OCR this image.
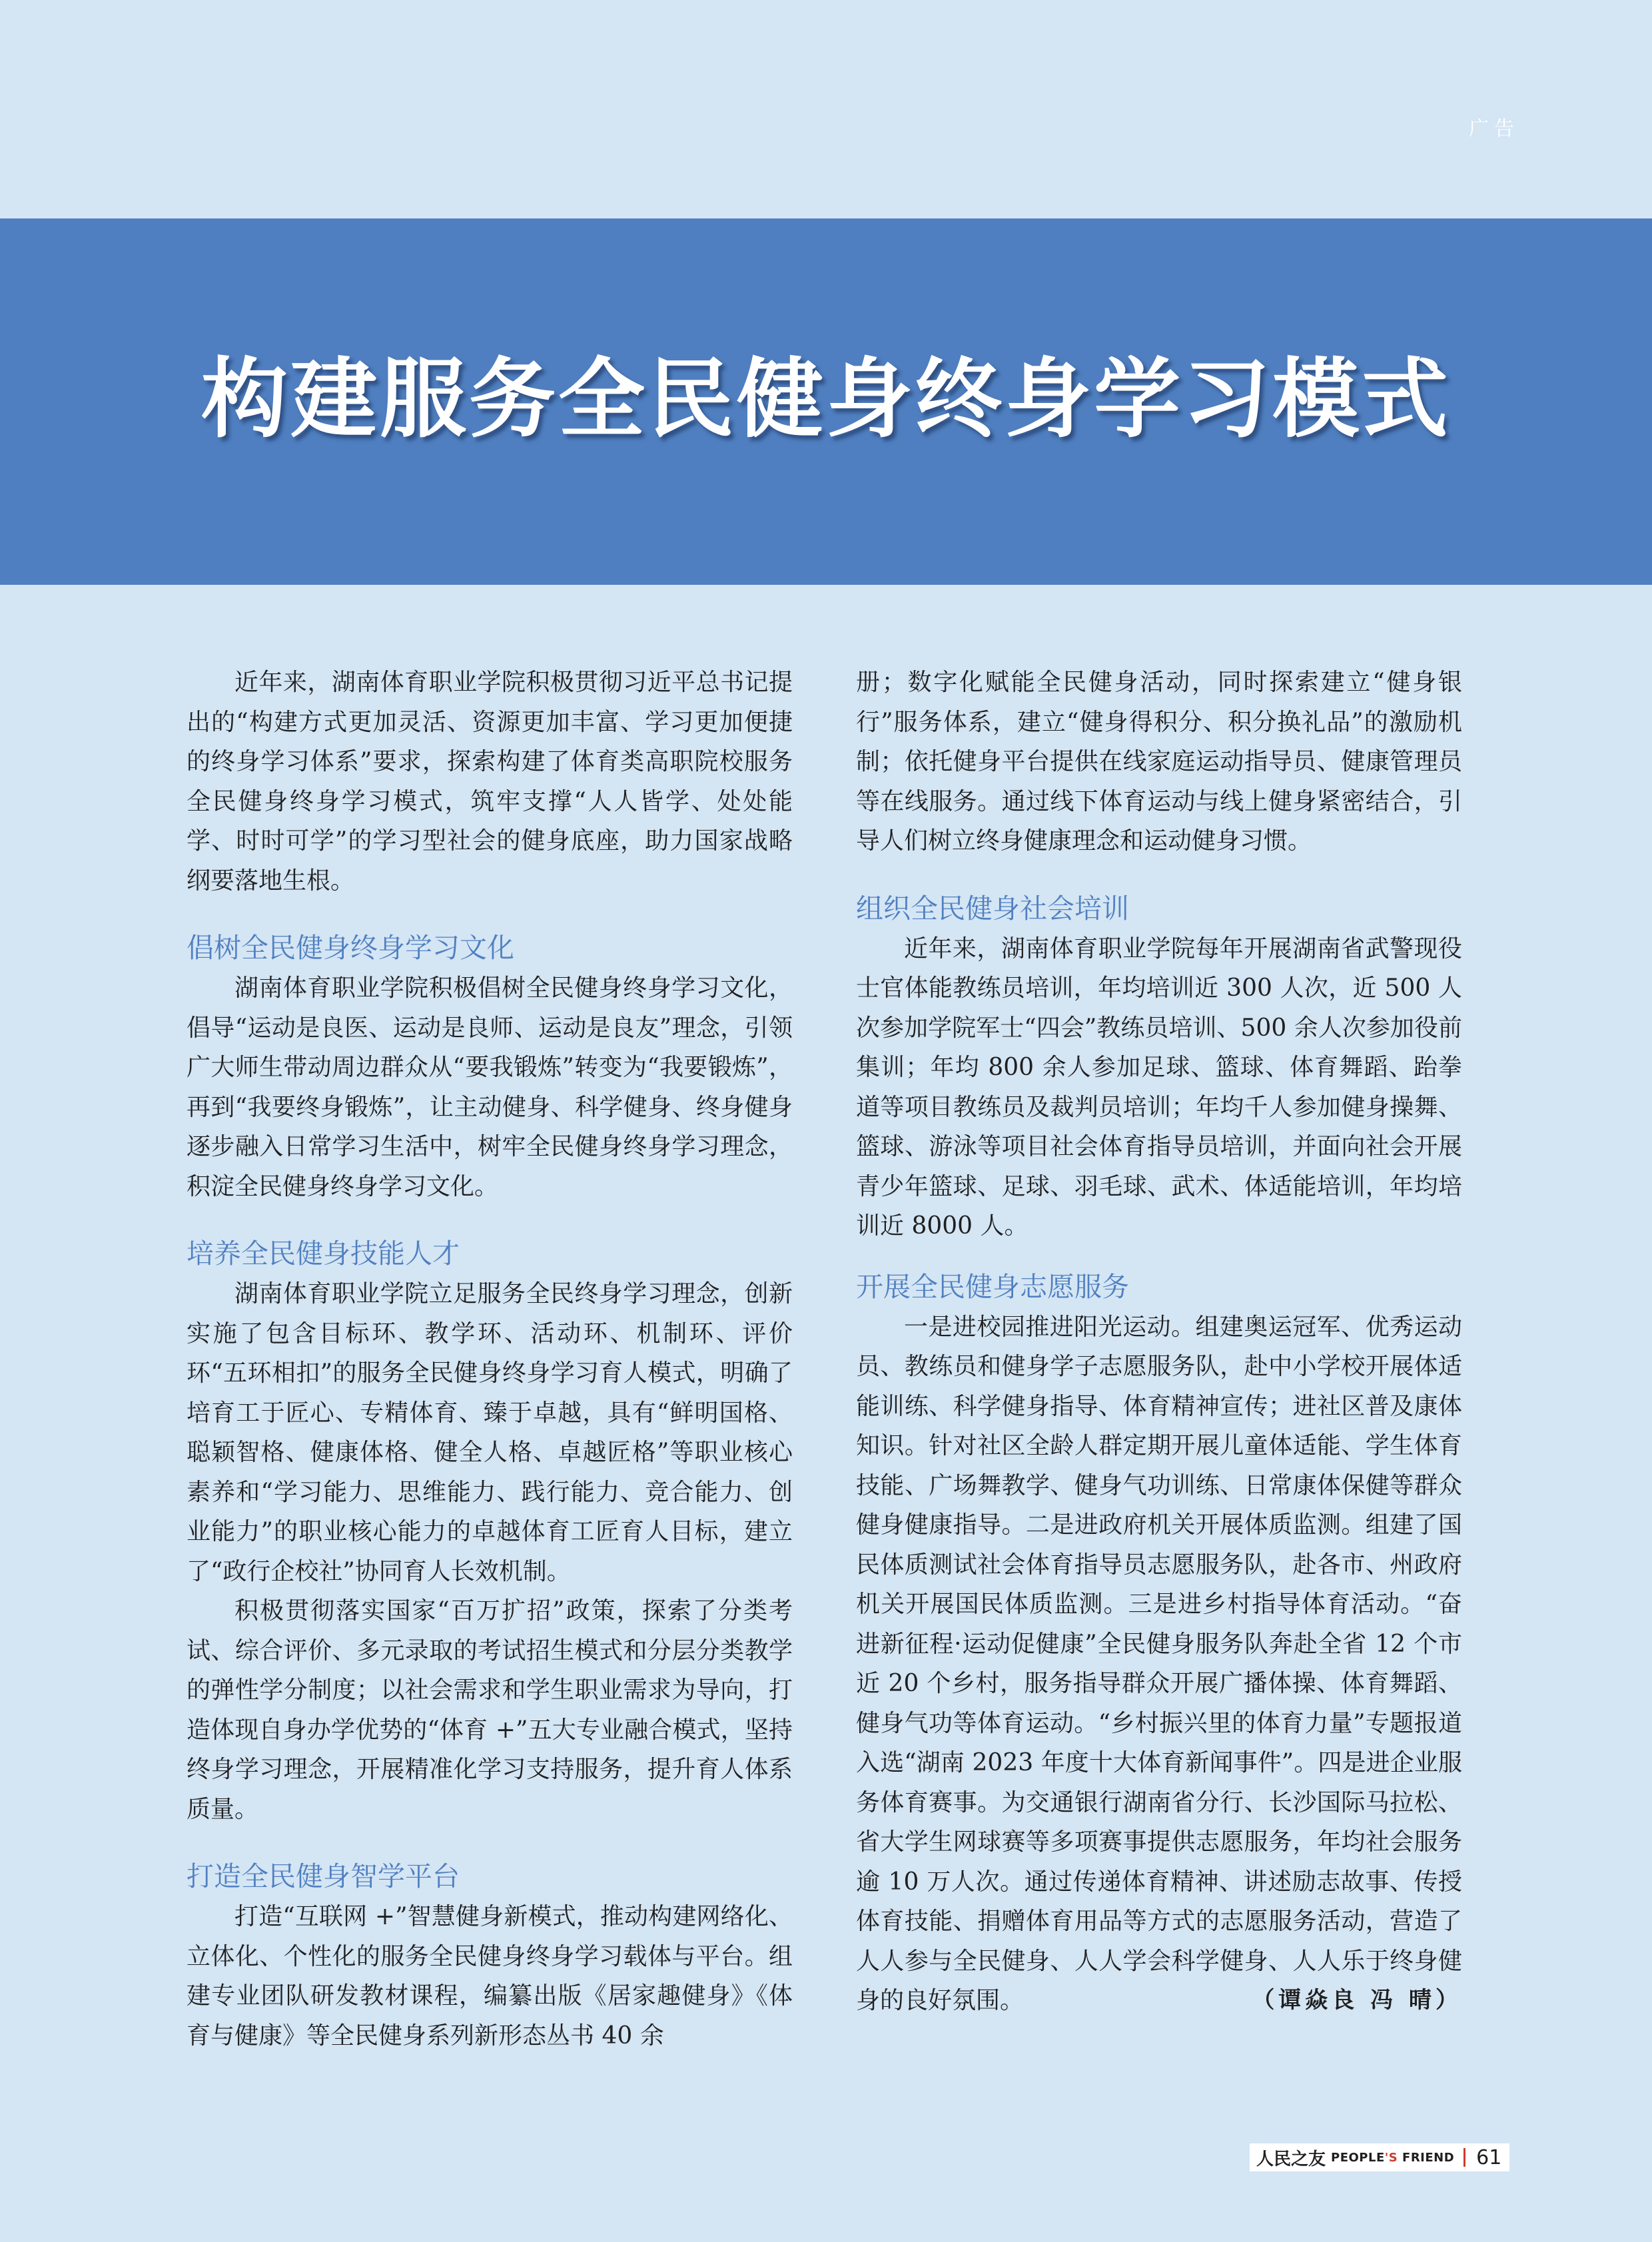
广告
构建服务全民健身终身学习模式

近年来，湖南体育职业学院积极贯彻习近平总书记提出的“构建方式更加灵活、资源更加丰富、学习更加便捷的终身学习体系”要求，探索构建了体育类高职院校服务全民健身终身学习模式，筑牢支撑“人人皆学、处处能学、时时可学”的学习型社会的健身底座，助力国家战略纲要落地生根。

倡树全民健身终身学习文化

湖南体育职业学院积极倡树全民健身终身学习文化，倡导“运动是良医、运动是良师、运动是良友”理念，引领广大师生带动周边群众从“要我锻炼”转变为“我要锻炼”，再到“我要终身锻炼”，让主动健身、科学健身、终身健身逐步融入日常学习生活中，树牢全民健身终身学习理念，积淀全民健身终身学习文化。

培养全民健身技能人才

湖南体育职业学院立足服务全民终身学习理念，创新实施了包含目标环、教学环、活动环、机制环、评价环“五环相扣”的服务全民健身终身学习育人模式，明确了培育工于匠心、专精体育、臻于卓越，具有“鲜明国格、聪颖智格、健康体格、健全人格、卓越匠格”等职业核心素养和“学习能力、思维能力、践行能力、竞合能力、创业能力”的职业核心能力的卓越体育工匠育人目标，建立了“政行企校社”协同育人长效机制。

积极贯彻落实国家“百万扩招”政策，探索了分类考试、综合评价、多元录取的考试招生模式和分层分类教学的弹性学分制度；以社会需求和学生职业需求为导向，打造体现自身办学优势的“体育 +”五大专业融合模式，坚持终身学习理念，开展精准化学习支持服务，提升育人体系质量。

打造全民健身智学平台

打造“互联网 +”智慧健身新模式，推动构建网络化、立体化、个性化的服务全民健身终身学习载体与平台。组建专业团队研发教材课程，编纂出版《居家趣健身》《体育与健康》等全民健身系列新形态丛书 40 余

册；数字化赋能全民健身活动，同时探索建立“健身银行”服务体系，建立“健身得积分、积分换礼品”的激励机制；依托健身平台提供在线家庭运动指导员、健康管理员等在线服务。通过线下体育运动与线上健身紧密结合，引导人们树立终身健康理念和运动健身习惯。

组织全民健身社会培训

近年来，湖南体育职业学院每年开展湖南省武警现役士官体能教练员培训，年均培训近 300 人次，近 500 人次参加学院军士“四会”教练员培训、500 余人次参加役前集训；年均 800 余人参加足球、篮球、体育舞蹈、跆拳道等项目教练员及裁判员培训；年均千人参加健身操舞、篮球、游泳等项目社会体育指导员培训，并面向社会开展青少年篮球、足球、羽毛球、武术、体适能培训，年均培训近 8000 人。

开展全民健身志愿服务

一是进校园推进阳光运动。组建奥运冠军、优秀运动员、教练员和健身学子志愿服务队，赴中小学校开展体适能训练、科学健身指导、体育精神宣传；进社区普及康体知识。针对社区全龄人群定期开展儿童体适能、学生体育技能、广场舞教学、健身气功训练、日常康体保健等群众健身健康指导。二是进政府机关开展体质监测。组建了国民体质测试社会体育指导员志愿服务队，赴各市、州政府机关开展国民体质监测。三是进乡村指导体育活动。“奋进新征程·运动促健康”全民健身服务队奔赴全省 12 个市近 20 个乡村，服务指导群众开展广播体操、体育舞蹈、健身气功等体育运动。“乡村振兴里的体育力量”专题报道入选“湖南 2023 年度十大体育新闻事件”。四是进企业服务体育赛事。为交通银行湖南省分行、长沙国际马拉松、省大学生网球赛等多项赛事提供志愿服务，年均社会服务逾 10 万人次。通过传递体育精神、讲述励志故事、传授体育技能、捐赠体育用品等方式的志愿服务活动，营造了人人参与全民健身、人人学会科学健身、人人乐于终身健身的良好氛围。	（谭焱良 冯 晴）

人民之友 PEOPLE'S FRIEND	61
